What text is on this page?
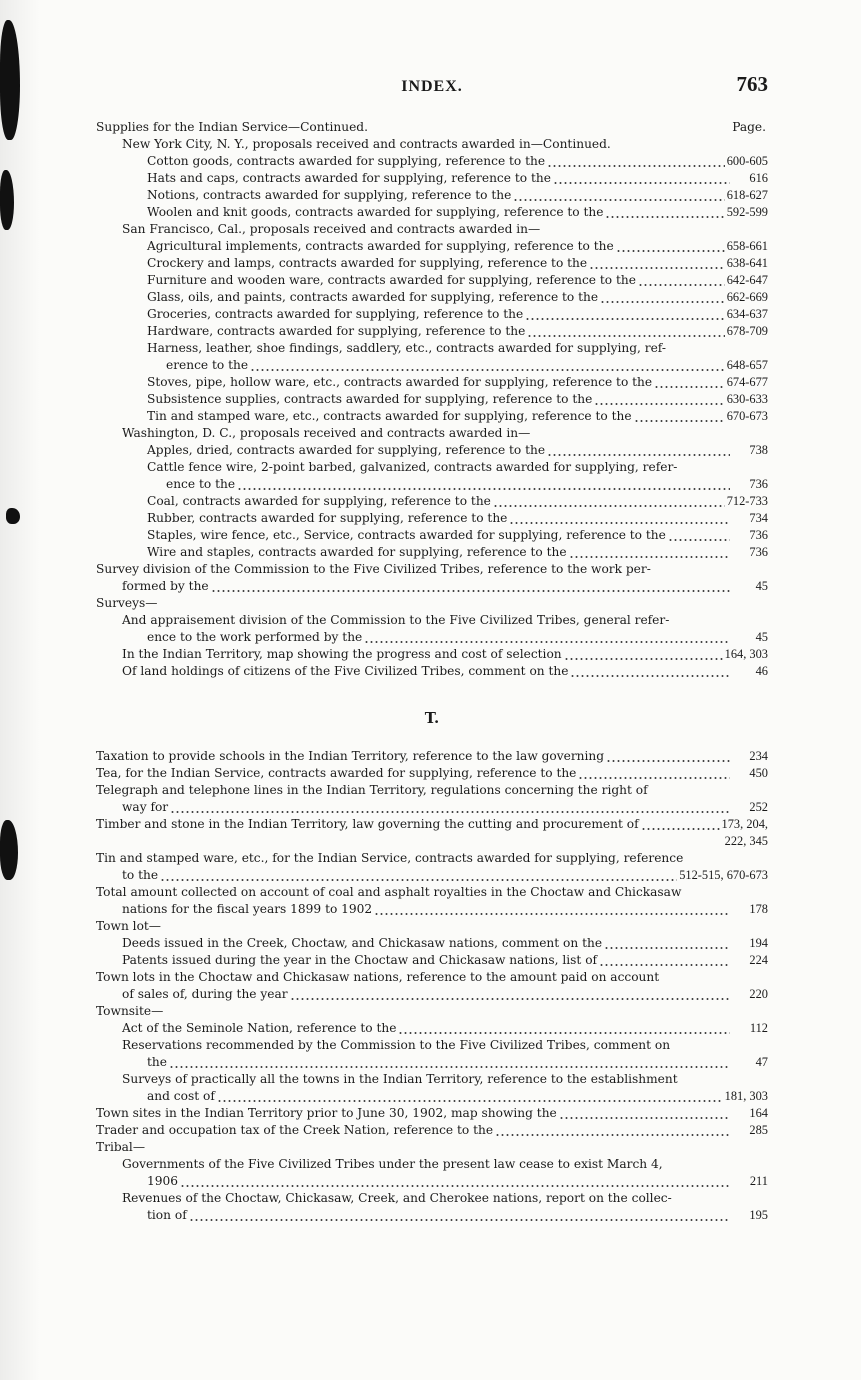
INDEX.	763
Supplies for the Indian Service—Continued.	Page.
New York City, N. Y., proposals received and contracts awarded in—Continued.
Cotton goods, contracts awarded for supplying, reference to the	600-605
Hats and caps, contracts awarded for supplying, reference to the	616
Notions, contracts awarded for supplying, reference to the	618-627
Woolen and knit goods, contracts awarded for supplying, reference to the	592-599
San Francisco, Cal., proposals received and contracts awarded in—
Agricultural implements, contracts awarded for supplying, reference to the	658-661
Crockery and lamps, contracts awarded for supplying, reference to the	638-641
Furniture and wooden ware, contracts awarded for supplying, reference to the	642-647
Glass, oils, and paints, contracts awarded for supplying, reference to the	662-669
Groceries, contracts awarded for supplying, reference to the	634-637
Hardware, contracts awarded for supplying, reference to the	678-709
Harness, leather, shoe findings, saddlery, etc., contracts awarded for supplying, ref-
erence to the	648-657
Stoves, pipe, hollow ware, etc., contracts awarded for supplying, reference to the	674-677
Subsistence supplies, contracts awarded for supplying, reference to the	630-633
Tin and stamped ware, etc., contracts awarded for supplying, reference to the	670-673
Washington, D. C., proposals received and contracts awarded in—
Apples, dried, contracts awarded for supplying, reference to the	738
Cattle fence wire, 2-point barbed, galvanized, contracts awarded for supplying, refer-
ence to the	736
Coal, contracts awarded for supplying, reference to the	712-733
Rubber, contracts awarded for supplying, reference to the	734
Staples, wire fence, etc., Service, contracts awarded for supplying, reference to the	736
Wire and staples, contracts awarded for supplying, reference to the	736
Survey division of the Commission to the Five Civilized Tribes, reference to the work per-
formed by the	45
Surveys—
And appraisement division of the Commission to the Five Civilized Tribes, general refer-
ence to the work performed by the	45
In the Indian Territory, map showing the progress and cost of selection	164, 303
Of land holdings of citizens of the Five Civilized Tribes, comment on the	46
T.
Taxation to provide schools in the Indian Territory, reference to the law governing	234
Tea, for the Indian Service, contracts awarded for supplying, reference to the	450
Telegraph and telephone lines in the Indian Territory, regulations concerning the right of
way for	252
Timber and stone in the Indian Territory, law governing the cutting and procurement of	173, 204,
222, 345
Tin and stamped ware, etc., for the Indian Service, contracts awarded for supplying, reference
to the	512-515, 670-673
Total amount collected on account of coal and asphalt royalties in the Choctaw and Chickasaw
nations for the fiscal years 1899 to 1902	178
Town lot—
Deeds issued in the Creek, Choctaw, and Chickasaw nations, comment on the	194
Patents issued during the year in the Choctaw and Chickasaw nations, list of	224
Town lots in the Choctaw and Chickasaw nations, reference to the amount paid on account
of sales of, during the year	220
Townsite—
Act of the Seminole Nation, reference to the	112
Reservations recommended by the Commission to the Five Civilized Tribes, comment on
the	47
Surveys of practically all the towns in the Indian Territory, reference to the establishment
and cost of	181, 303
Town sites in the Indian Territory prior to June 30, 1902, map showing the	164
Trader and occupation tax of the Creek Nation, reference to the	285
Tribal—
Governments of the Five Civilized Tribes under the present law cease to exist March 4,
1906	211
Revenues of the Choctaw, Chickasaw, Creek, and Cherokee nations, report on the collec-
tion of	195
